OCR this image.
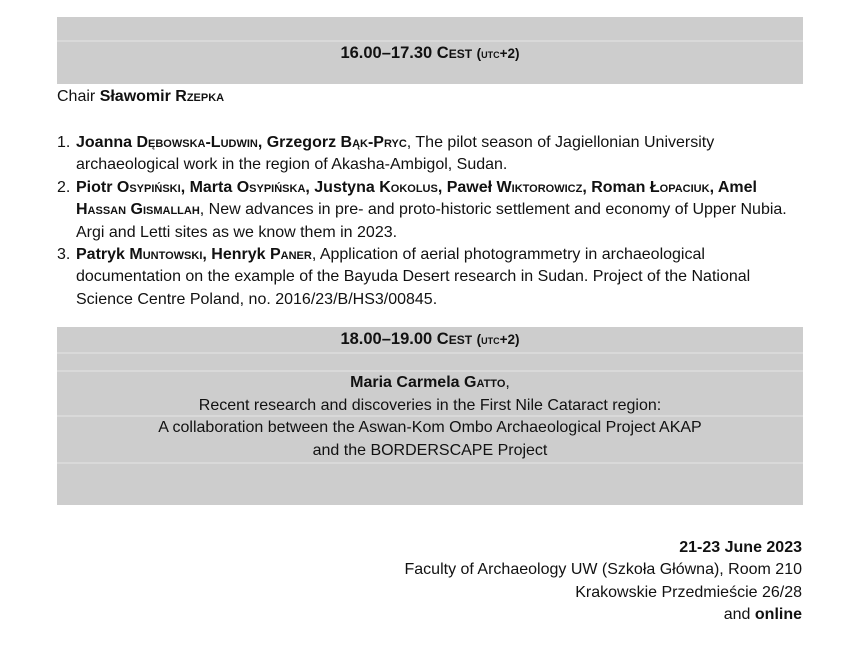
16.00–17.30 Cest (utc+2)

Chair Sławomir Rzepka

1. Joanna Dębowska-Ludwin, Grzegorz Bąk-Pryc, The pilot season of Jagiellonian University archaeological work in the region of Akasha-Ambigol, Sudan.
2. Piotr Osypiński, Marta Osypińska, Justyna Kokolus, Paweł Wiktorowicz, Roman Łopaciuk, Amel Hassan Gismallah, New advances in pre- and proto-historic settlement and economy of Upper Nubia. Argi and Letti sites as we know them in 2023.
3. Patryk Muntowski, Henryk Paner, Application of aerial photogrammetry in archaeological documentation on the example of the Bayuda Desert research in Sudan. Project of the National Science Centre Poland, no. 2016/23/B/HS3/00845.
18.00–19.00 Cest (utc+2)
Maria Carmela Gatto,
Recent research and discoveries in the First Nile Cataract region:
A collaboration between the Aswan-Kom Ombo Archaeological Project AKAP
and the BORDERSCAPE Project
21-23 June 2023
Faculty of Archaeology UW (Szkoła Główna), Room 210
Krakowskie Przedmieście 26/28
and online
